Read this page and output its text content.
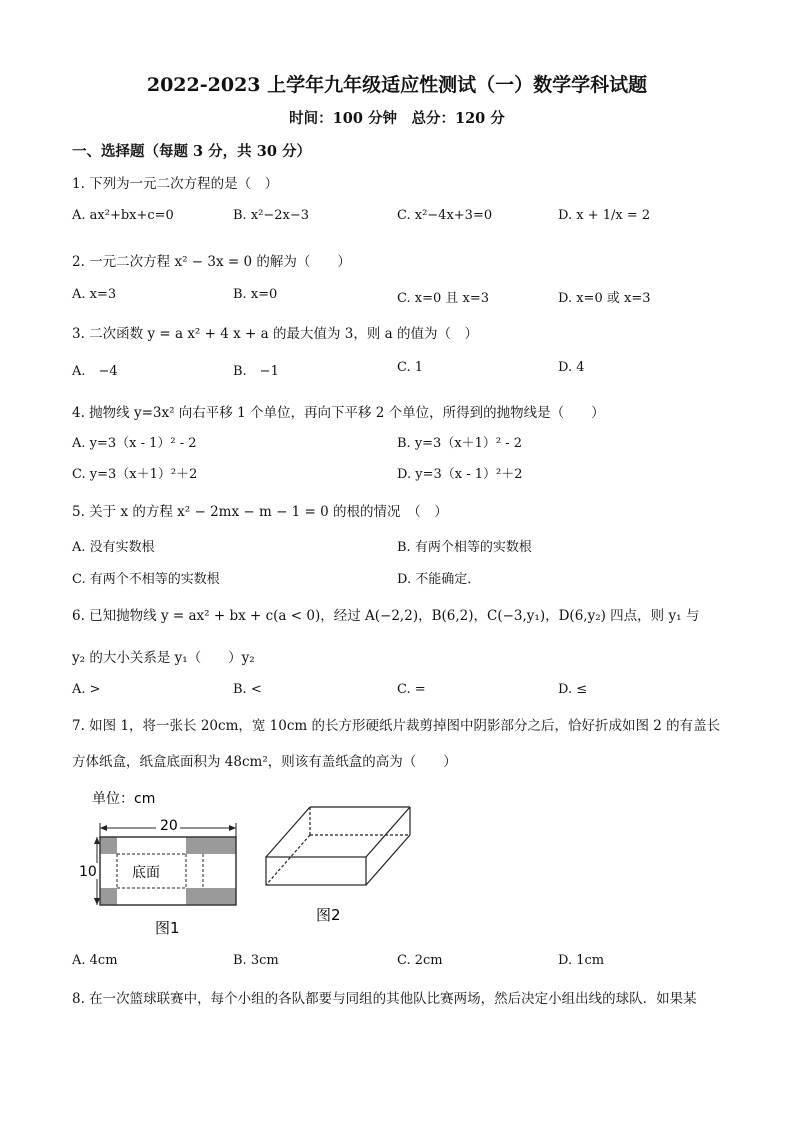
2022-2023 上学年九年级适应性测试（一）数学学科试题
时间：100 分钟　总分：120 分
一、选择题（每题 3 分，共 30 分）
1. 下列为一元二次方程的是（　）
A. ax²+bx+c=0	B. x²−2x−3	C. x²−4x+3=0	D. x + 1/x = 2
2. 一元二次方程 x² − 3x = 0 的解为（　　）
A. x=3	B. x=0	C. x=0 且 x=3	D. x=0 或 x=3
3. 二次函数 y = a x² + 4 x + a 的最大值为 3，则 a 的值为（　）
A.　−4	B.　−1	C. 1	D. 4
4. 抛物线 y=3x² 向右平移 1 个单位，再向下平移 2 个单位，所得到的抛物线是（　　）
A. y=3（x - 1）² - 2	B. y=3（x＋1）² - 2
C. y=3（x＋1）²＋2	D. y=3（x - 1）²＋2
5. 关于 x 的方程 x² − 2mx − m − 1 = 0 的根的情况　（　）
A. 没有实数根	B. 有两个相等的实数根
C. 有两个不相等的实数根	D. 不能确定．
6. 已知抛物线 y = ax² + bx + c(a < 0)，经过 A(−2,2)，B(6,2)，C(−3,y₁)，D(6,y₂) 四点，则 y₁ 与
y₂ 的大小关系是 y₁（　　）y₂
A. >	B. <	C. =	D. ≤
7. 如图 1，将一张长 20cm，宽 10cm 的长方形硬纸片裁剪掉图中阴影部分之后，恰好折成如图 2 的有盖长
方体纸盒，纸盒底面积为 48cm²，则该有盖纸盒的高为（　　）
单位：cm
底面
20
10
图1
图2
A. 4cm	B. 3cm	C. 2cm	D. 1cm
8. 在一次篮球联赛中，每个小组的各队都要与同组的其他队比赛两场，然后决定小组出线的球队．如果某
